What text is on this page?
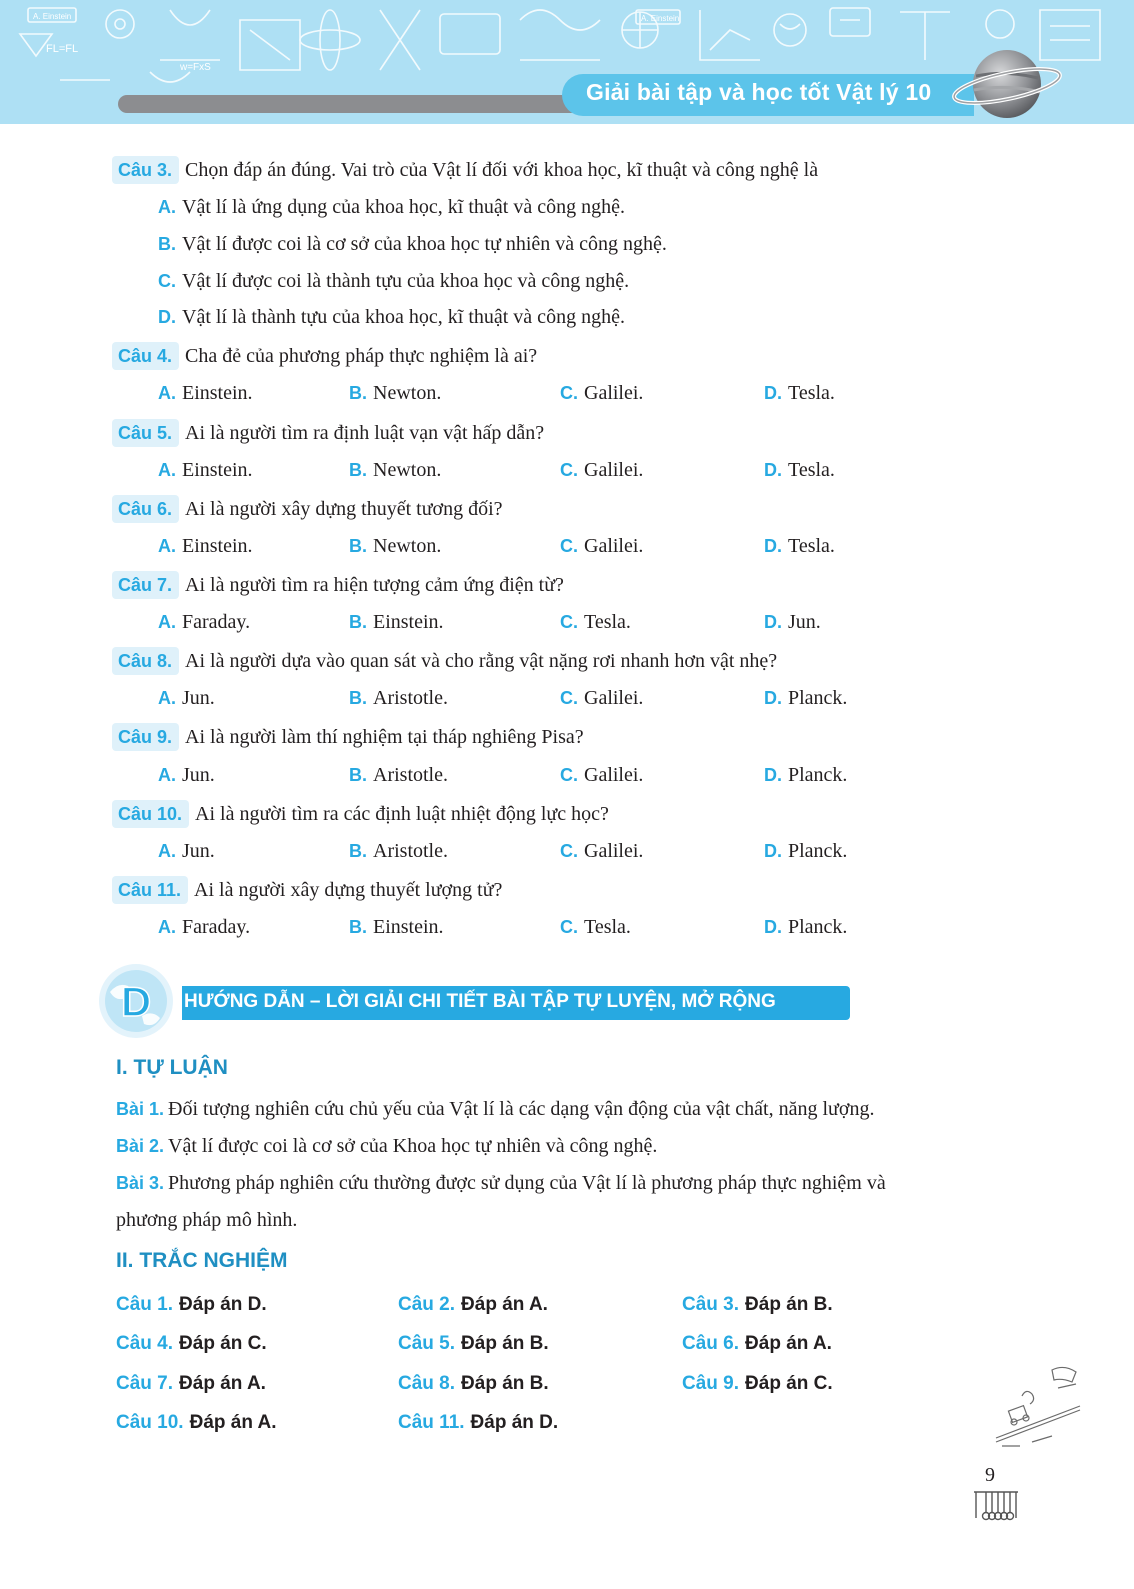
A. Einstein	A. Einstein
FL=FL
w=FxS
Giải bài tập và học tốt Vật lý 10
Câu 3. Chọn đáp án đúng. Vai trò của Vật lí đối với khoa học, kĩ thuật và công nghệ là
A. Vật lí là ứng dụng của khoa học, kĩ thuật và công nghệ.
B. Vật lí được coi là cơ sở của khoa học tự nhiên và công nghệ.
C. Vật lí được coi là thành tựu của khoa học và công nghệ.
D. Vật lí là thành tựu của khoa học, kĩ thuật và công nghệ.
Câu 4. Cha đẻ của phương pháp thực nghiệm là ai?
A. Einstein.	B. Newton.	C. Galilei.	D. Tesla.
Câu 5. Ai là người tìm ra định luật vạn vật hấp dẫn?
A. Einstein.	B. Newton.	C. Galilei.	D. Tesla.
Câu 6. Ai là người xây dựng thuyết tương đối?
A. Einstein.	B. Newton.	C. Galilei.	D. Tesla.
Câu 7. Ai là người tìm ra hiện tượng cảm ứng điện từ?
A. Faraday.	B. Einstein.	C. Tesla.	D. Jun.
Câu 8. Ai là người dựa vào quan sát và cho rằng vật nặng rơi nhanh hơn vật nhẹ?
A. Jun.	B. Aristotle.	C. Galilei.	D. Planck.
Câu 9. Ai là người làm thí nghiệm tại tháp nghiêng Pisa?
A. Jun.	B. Aristotle.	C. Galilei.	D. Planck.
Câu 10. Ai là người tìm ra các định luật nhiệt động lực học?
A. Jun.	B. Aristotle.	C. Galilei.	D. Planck.
Câu 11. Ai là người xây dựng thuyết lượng tử?
A. Faraday.	B. Einstein.	C. Tesla.	D. Planck.
D HƯỚNG DẪN – LỜI GIẢI CHI TIẾT BÀI TẬP TỰ LUYỆN, MỞ RỘNG
I. TỰ LUẬN
Bài 1. Đối tượng nghiên cứu chủ yếu của Vật lí là các dạng vận động của vật chất, năng lượng.
Bài 2. Vật lí được coi là cơ sở của Khoa học tự nhiên và công nghệ.
Bài 3. Phương pháp nghiên cứu thường được sử dụng của Vật lí là phương pháp thực nghiệm và
phương pháp mô hình.
II. TRẮC NGHIỆM
Câu 1. Đáp án D.	Câu 2. Đáp án A.	Câu 3. Đáp án B.
Câu 4. Đáp án C.	Câu 5. Đáp án B.	Câu 6. Đáp án A.
Câu 7. Đáp án A.	Câu 8. Đáp án B.	Câu 9. Đáp án C.
Câu 10. Đáp án A.	Câu 11. Đáp án D.
9
